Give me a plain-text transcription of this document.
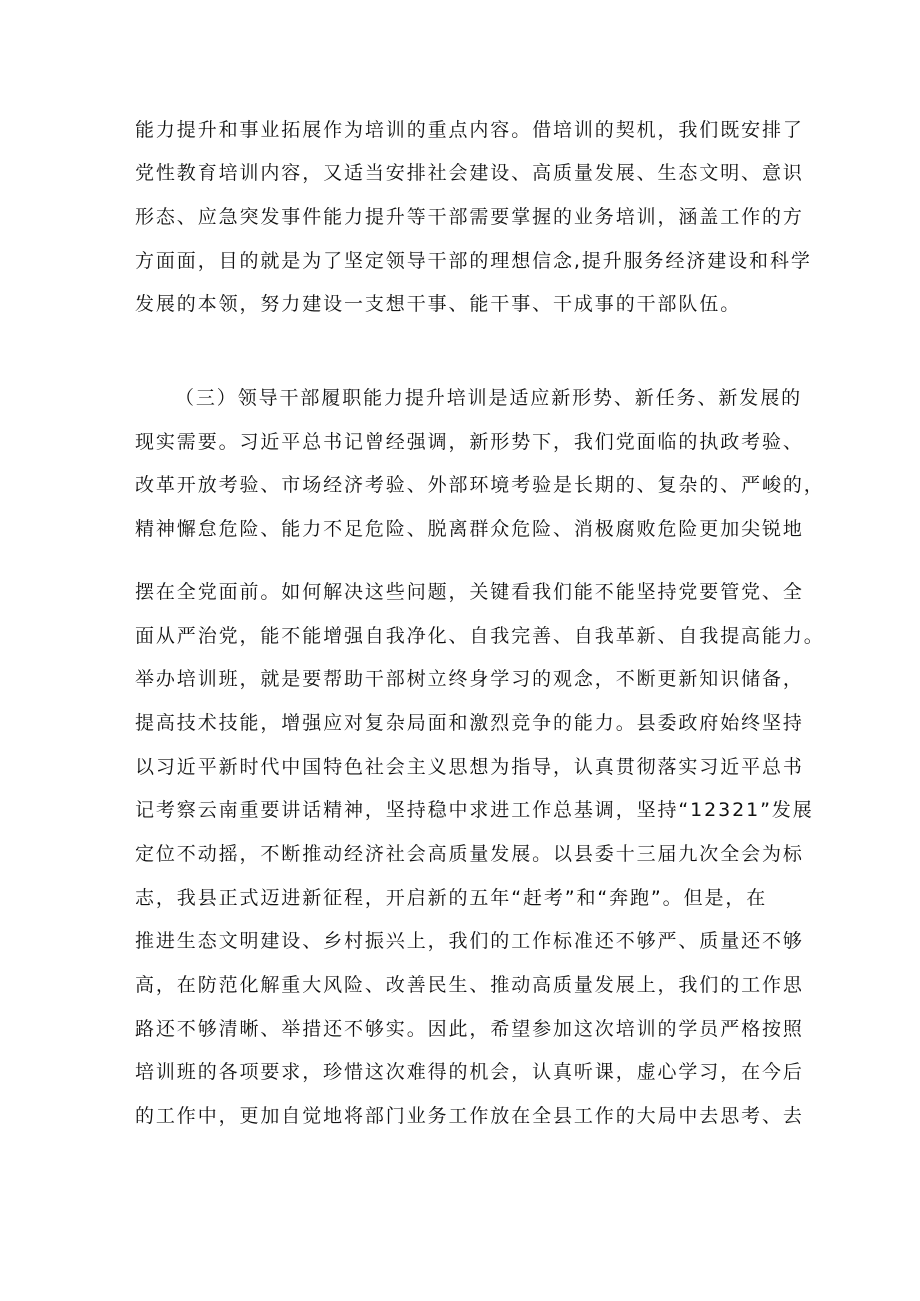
能力提升和事业拓展作为培训的重点内容。借培训的契机，我们既安排了

党性教育培训内容，又适当安排社会建设、高质量发展、生态文明、意识

形态、应急突发事件能力提升等干部需要掌握的业务培训，涵盖工作的方

方面面，目的就是为了坚定领导干部的理想信念,提升服务经济建设和科学

发展的本领，努力建设一支想干事、能干事、干成事的干部队伍。

（三）领导干部履职能力提升培训是适应新形势、新任务、新发展的

现实需要。习近平总书记曾经强调，新形势下，我们党面临的执政考验、

改革开放考验、市场经济考验、外部环境考验是长期的、复杂的、严峻的，

精神懈怠危险、能力不足危险、脱离群众危险、消极腐败危险更加尖锐地

摆在全党面前。如何解决这些问题，关键看我们能不能坚持党要管党、全

面从严治党，能不能增强自我净化、自我完善、自我革新、自我提高能力。

举办培训班，就是要帮助干部树立终身学习的观念，不断更新知识储备，

提高技术技能，增强应对复杂局面和激烈竞争的能力。县委政府始终坚持

以习近平新时代中国特色社会主义思想为指导，认真贯彻落实习近平总书

记考察云南重要讲话精神，坚持稳中求进工作总基调，坚持“12321”发展

定位不动摇，不断推动经济社会高质量发展。以县委十三届九次全会为标

志，我县正式迈进新征程，开启新的五年“赶考”和“奔跑”。但是，在

推进生态文明建设、乡村振兴上，我们的工作标准还不够严、质量还不够

高，在防范化解重大风险、改善民生、推动高质量发展上，我们的工作思

路还不够清晰、举措还不够实。因此，希望参加这次培训的学员严格按照

培训班的各项要求，珍惜这次难得的机会，认真听课，虚心学习，在今后

的工作中，更加自觉地将部门业务工作放在全县工作的大局中去思考、去
